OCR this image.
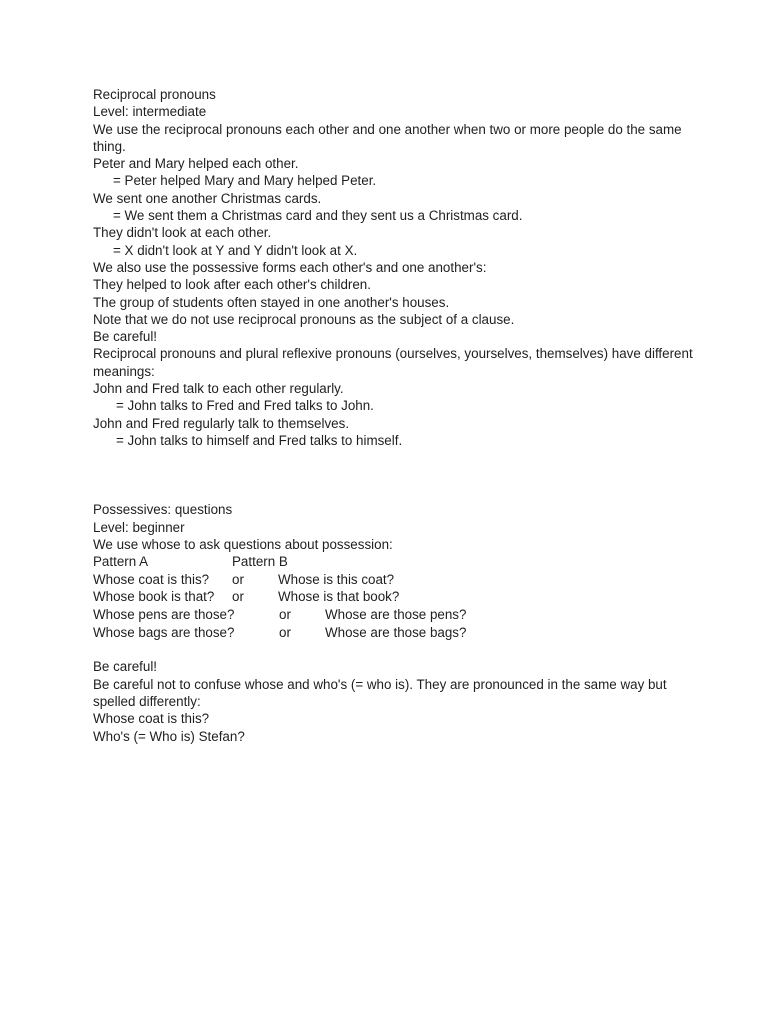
Reciprocal pronouns
Level: intermediate
We use the reciprocal pronouns each other and one another when two or more people do the same thing.
Peter and Mary helped each other.
= Peter helped Mary and Mary helped Peter.
We sent one another Christmas cards.
= We sent them a Christmas card and they sent us a Christmas card.
They didn't look at each other.
= X didn't look at Y and Y didn't look at X.
We also use the possessive forms each other's and one another's:
They helped to look after each other's children.
The group of students often stayed in one another's houses.
Note that we do not use reciprocal pronouns as the subject of a clause.
Be careful!
Reciprocal pronouns and plural reflexive pronouns (ourselves, yourselves, themselves) have different meanings:
John and Fred talk to each other regularly.
= John talks to Fred and Fred talks to John.
John and Fred regularly talk to themselves.
= John talks to himself and Fred talks to himself.
Possessives: questions
Level: beginner
We use whose to ask questions about possession:
Pattern A	Pattern B	
Whose coat is this?	or	Whose is this coat?
Whose book is that?	or	Whose is that book?
Whose pens are those?	or	Whose are those pens?
Whose bags are those?	or	Whose are those bags?
Be careful!
Be careful not to confuse whose and who's (= who is). They are pronounced in the same way but spelled differently:
Whose coat is this?
Who's (= Who is) Stefan?
